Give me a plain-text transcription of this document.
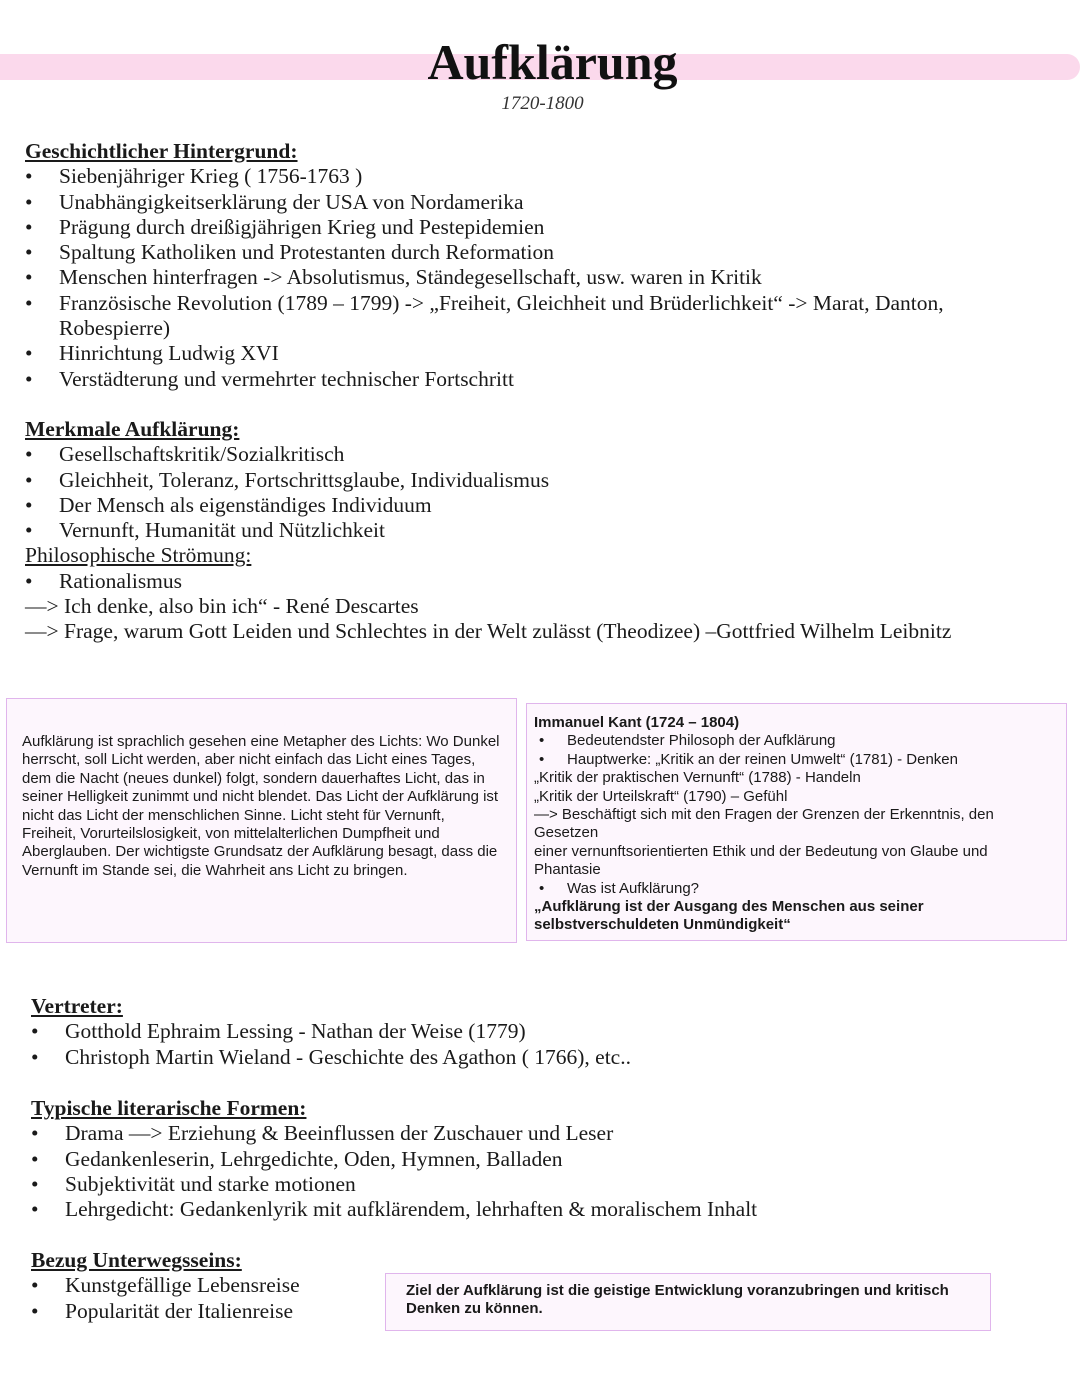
Aufklärung
1720-1800
Geschichtlicher Hintergrund:
• Siebenjähriger Krieg ( 1756-1763 )
• Unabhängigkeitserklärung der USA von Nordamerika
• Prägung durch dreißigjährigen Krieg und Pestepidemien
• Spaltung Katholiken und Protestanten durch Reformation
• Menschen hinterfragen -> Absolutismus, Ständegesellschaft, usw. waren in Kritik
• Französische Revolution (1789 – 1799) -> „Freiheit, Gleichheit und Brüderlichkeit“ -> Marat, Danton, Robespierre)
• Hinrichtung Ludwig XVI
• Verstädterung und vermehrter technischer Fortschritt
Merkmale Aufklärung:
• Gesellschaftskritik/Sozialkritisch
• Gleichheit, Toleranz, Fortschrittsglaube, Individualismus
• Der Mensch als eigenständiges Individuum
• Vernunft, Humanität und Nützlichkeit
Philosophische Strömung:
• Rationalismus
—> Ich denke, also bin ich“ - René Descartes
—> Frage, warum Gott Leiden und Schlechtes in der Welt zulässt (Theodizee) –Gottfried Wilhelm Leibnitz
Aufklärung ist sprachlich gesehen eine Metapher des Lichts: Wo Dunkel herrscht, soll Licht werden, aber nicht einfach das Licht eines Tages, dem die Nacht (neues dunkel) folgt, sondern dauerhaftes Licht, das in seiner Helligkeit zunimmt und nicht blendet. Das Licht der Aufklärung ist nicht das Licht der menschlichen Sinne. Licht steht für Vernunft, Freiheit, Vorurteilslosigkeit, von mittelalterlichen Dumpfheit und Aberglauben. Der wichtigste Grundsatz der Aufklärung besagt, dass die Vernunft im Stande sei, die Wahrheit ans Licht zu bringen.
Immanuel Kant (1724 – 1804)
• Bedeutendster Philosoph der Aufklärung
• Hauptwerke: „Kritik an der reinen Umwelt“ (1781) - Denken
„Kritik der praktischen Vernunft“ (1788) - Handeln
„Kritik der Urteilskraft“ (1790) – Gefühl
—> Beschäftigt sich mit den Fragen der Grenzen der Erkenntnis, den Gesetzen
einer vernunftsorientierten Ethik und der Bedeutung von Glaube und Phantasie
• Was ist Aufklärung?
„Aufklärung ist der Ausgang des Menschen aus seiner selbstverschuldeten Unmündigkeit“
Vertreter:
• Gotthold Ephraim Lessing - Nathan der Weise (1779)
• Christoph Martin Wieland - Geschichte des Agathon ( 1766), etc..
Typische literarische Formen:
• Drama —> Erziehung & Beeinflussen der Zuschauer und Leser
• Gedankenleserin, Lehrgedichte, Oden, Hymnen, Balladen
• Subjektivität und starke motionen
• Lehrgedicht: Gedankenlyrik mit aufklärendem, lehrhaften & moralischem Inhalt
Bezug Unterwegsseins:
• Kunstgefällige Lebensreise
• Popularität der Italienreise
Ziel der Aufklärung ist die geistige Entwicklung voranzubringen und kritisch Denken zu können.
